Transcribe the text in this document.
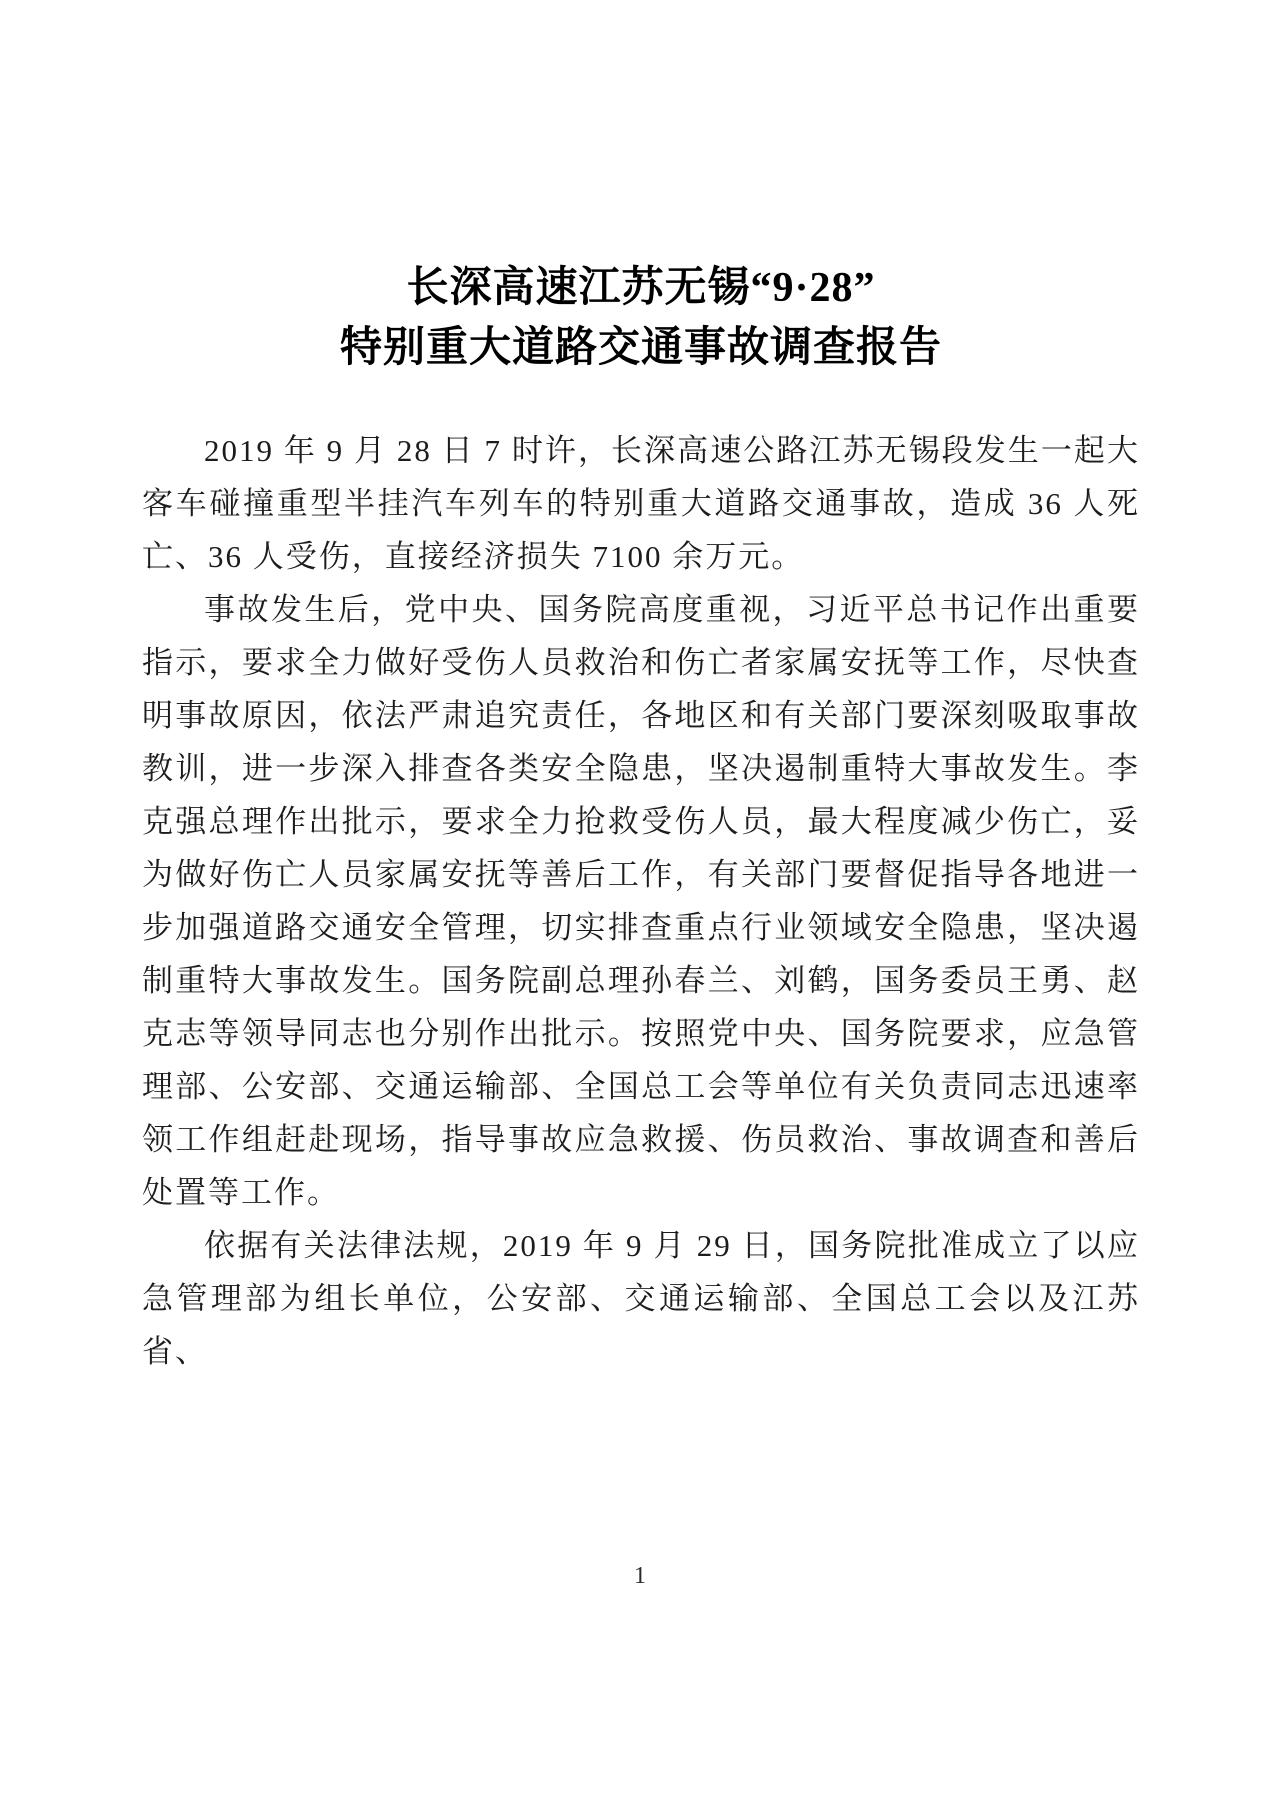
长深高速江苏无锡“9·28”
特别重大道路交通事故调查报告

2019 年 9 月 28 日 7 时许，长深高速公路江苏无锡段发生一起大客车碰撞重型半挂汽车列车的特别重大道路交通事故，造成 36 人死亡、36 人受伤，直接经济损失 7100 余万元。

事故发生后，党中央、国务院高度重视，习近平总书记作出重要指示，要求全力做好受伤人员救治和伤亡者家属安抚等工作，尽快查明事故原因，依法严肃追究责任，各地区和有关部门要深刻吸取事故教训，进一步深入排查各类安全隐患，坚决遏制重特大事故发生。李克强总理作出批示，要求全力抢救受伤人员，最大程度减少伤亡，妥为做好伤亡人员家属安抚等善后工作，有关部门要督促指导各地进一步加强道路交通安全管理，切实排查重点行业领域安全隐患，坚决遏制重特大事故发生。国务院副总理孙春兰、刘鹤，国务委员王勇、赵克志等领导同志也分别作出批示。按照党中央、国务院要求，应急管理部、公安部、交通运输部、全国总工会等单位有关负责同志迅速率领工作组赶赴现场，指导事故应急救援、伤员救治、事故调查和善后处置等工作。

依据有关法律法规，2019 年 9 月 29 日，国务院批准成立了以应急管理部为组长单位，公安部、交通运输部、全国总工会以及江苏省、

1
